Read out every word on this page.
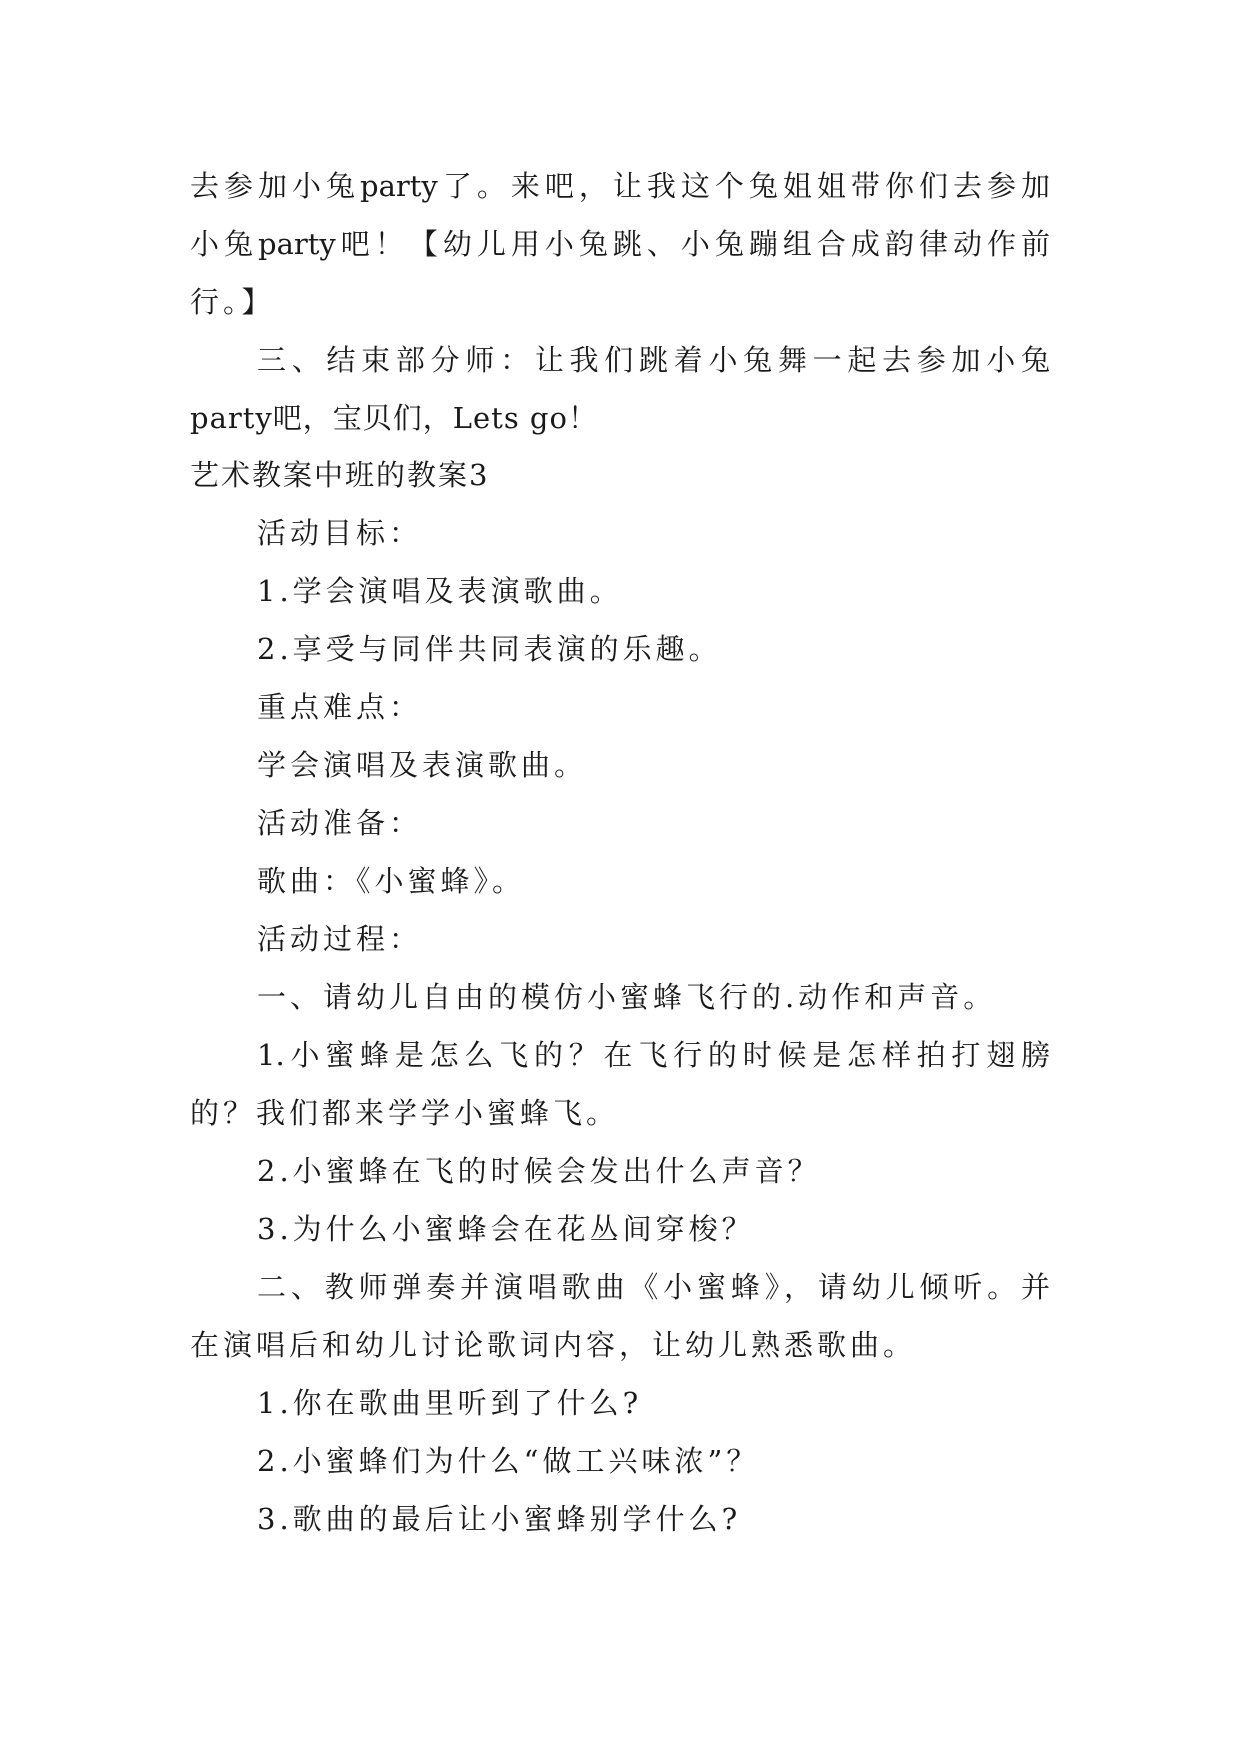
去参加小兔party了。来吧，让我这个兔姐姐带你们去参加
小兔party吧！【幼儿用小兔跳、小兔蹦组合成韵律动作前
行。】
三、结束部分师：让我们跳着小兔舞一起去参加小兔
party吧，宝贝们，Lets go！
艺术教案中班的教案3
活动目标：
1.学会演唱及表演歌曲。
2.享受与同伴共同表演的乐趣。
重点难点：
学会演唱及表演歌曲。
活动准备：
歌曲：《小蜜蜂》。
活动过程：
一、请幼儿自由的模仿小蜜蜂飞行的.动作和声音。
1.小蜜蜂是怎么飞的？在飞行的时候是怎样拍打翅膀
的？我们都来学学小蜜蜂飞。
2.小蜜蜂在飞的时候会发出什么声音？
3.为什么小蜜蜂会在花丛间穿梭？
二、教师弹奏并演唱歌曲《小蜜蜂》，请幼儿倾听。并
在演唱后和幼儿讨论歌词内容，让幼儿熟悉歌曲。
1.你在歌曲里听到了什么?
2.小蜜蜂们为什么“做工兴味浓”？
3.歌曲的最后让小蜜蜂别学什么?
